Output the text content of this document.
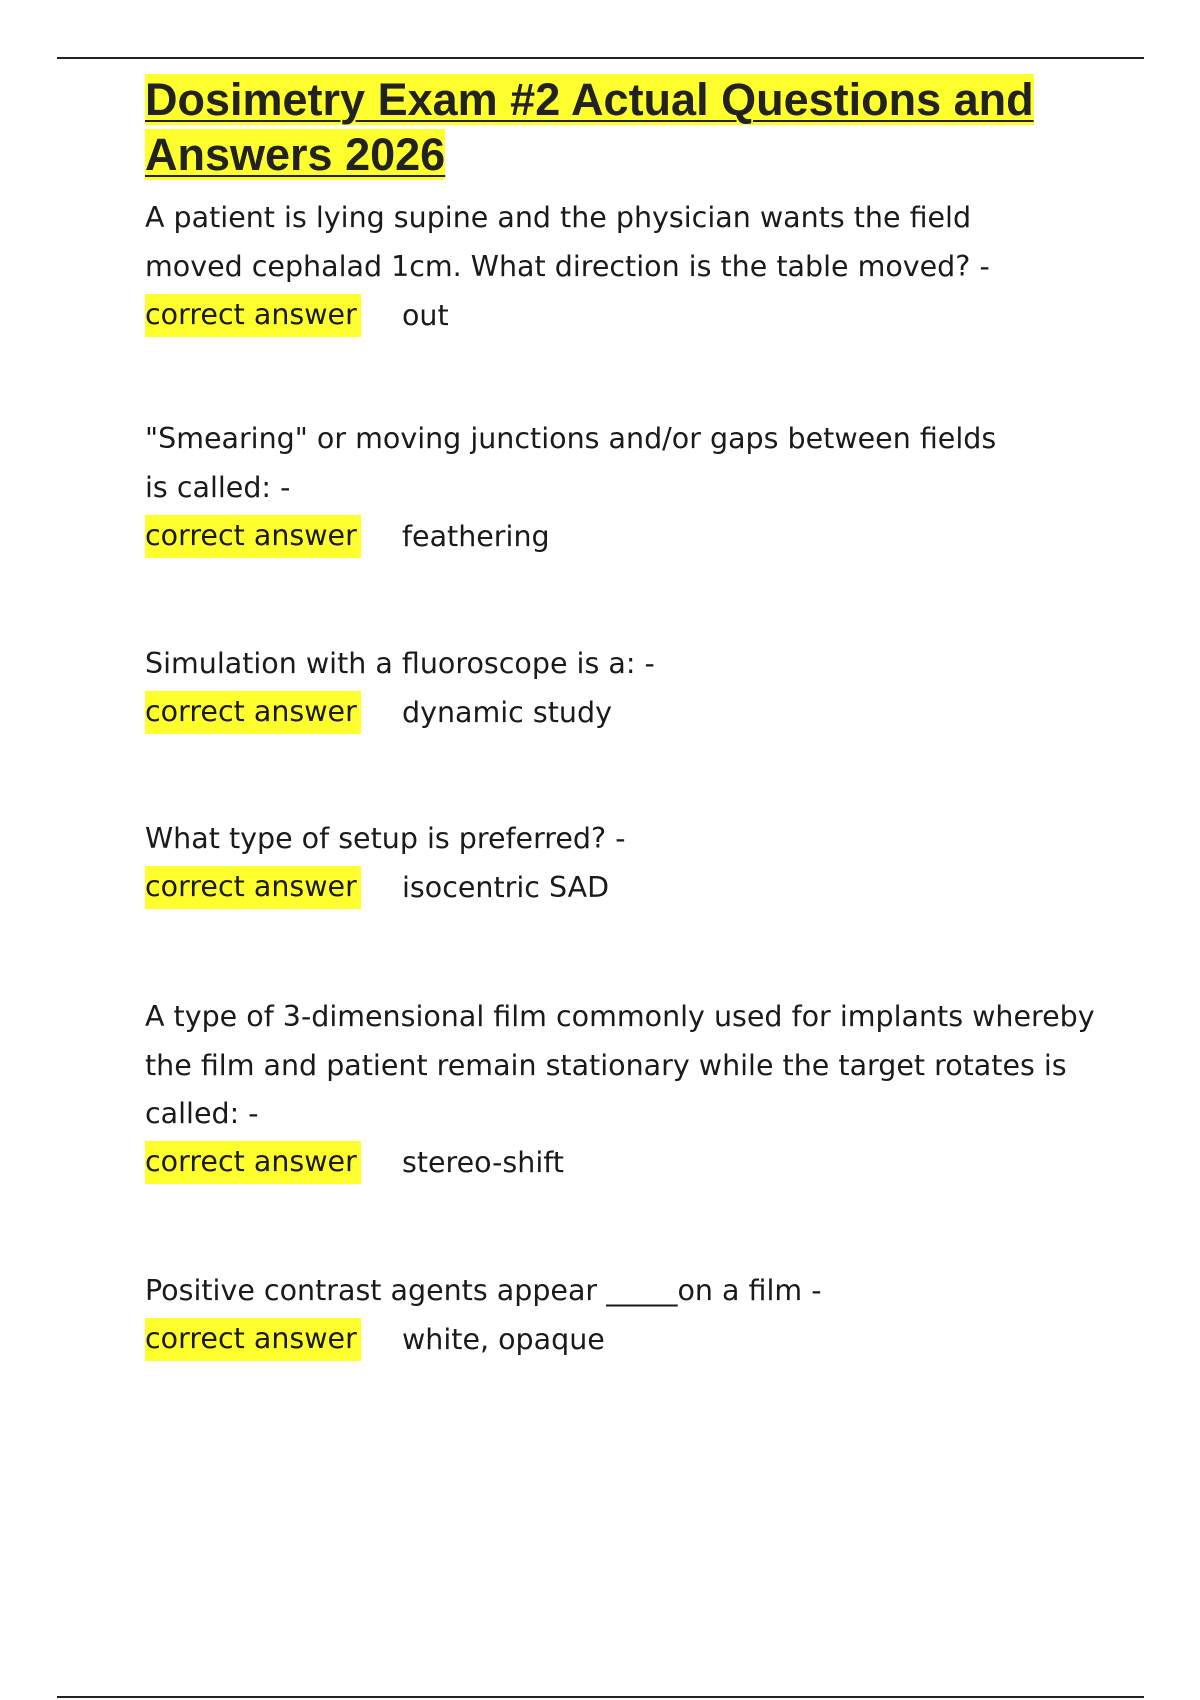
Dosimetry Exam #2 Actual Questions and Answers 2026

A patient is lying supine and the physician wants the field moved cephalad 1cm. What direction is the table moved? -

correct answer out

"Smearing" or moving junctions and/or gaps between fields is called: -

correct answer feathering

Simulation with a fluoroscope is a: -

correct answer dynamic study

What type of setup is preferred? -

correct answer isocentric SAD

A type of 3-dimensional film commonly used for implants whereby the film and patient remain stationary while the target rotates is called: -

correct answer stereo-shift

Positive contrast agents appear _____on a film -

correct answer white, opaque
